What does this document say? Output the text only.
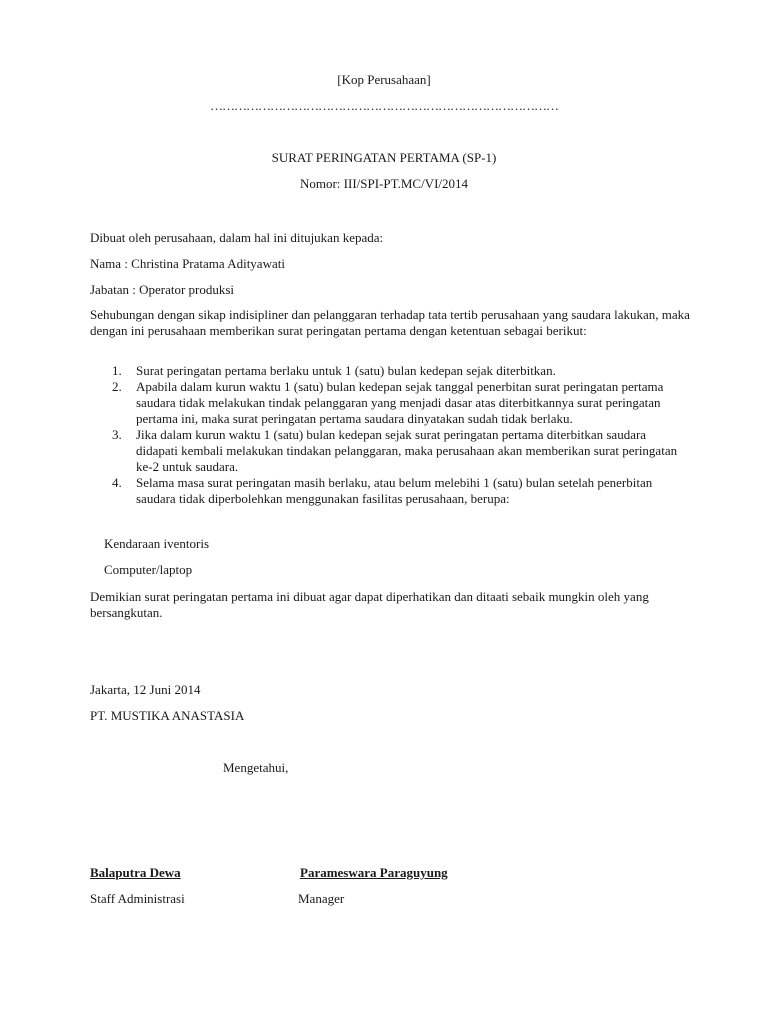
[Kop Perusahaan]

……………………………………………………………………………

SURAT PERINGATAN PERTAMA (SP-1)

Nomor: III/SPI-PT.MC/VI/2014

Dibuat oleh perusahaan, dalam hal ini ditujukan kepada:

Nama : Christina Pratama Adityawati

Jabatan : Operator produksi

Sehubungan dengan sikap indisipliner dan pelanggaran terhadap tata tertib perusahaan yang saudara lakukan, maka dengan ini perusahaan memberikan surat peringatan pertama dengan ketentuan sebagai berikut:

1. Surat peringatan pertama berlaku untuk 1 (satu) bulan kedepan sejak diterbitkan.
2. Apabila dalam kurun waktu 1 (satu) bulan kedepan sejak tanggal penerbitan surat peringatan pertama saudara tidak melakukan tindak pelanggaran yang menjadi dasar atas diterbitkannya surat peringatan pertama ini, maka surat peringatan pertama saudara dinyatakan sudah tidak berlaku.
3. Jika dalam kurun waktu 1 (satu) bulan kedepan sejak surat peringatan pertama diterbitkan saudara didapati kembali melakukan tindakan pelanggaran, maka perusahaan akan memberikan surat peringatan ke-2 untuk saudara.
4. Selama masa surat peringatan masih berlaku, atau belum melebihi 1 (satu) bulan setelah penerbitan saudara tidak diperbolehkan menggunakan fasilitas perusahaan, berupa:

Kendaraan iventoris

Computer/laptop

Demikian surat peringatan pertama ini dibuat agar dapat diperhatikan dan ditaati sebaik mungkin oleh yang bersangkutan.

Jakarta, 12 Juni 2014

PT. MUSTIKA ANASTASIA

Mengetahui,

Balaputra Dewa

Staff Administrasi

Parameswara Paraguyung

Manager
